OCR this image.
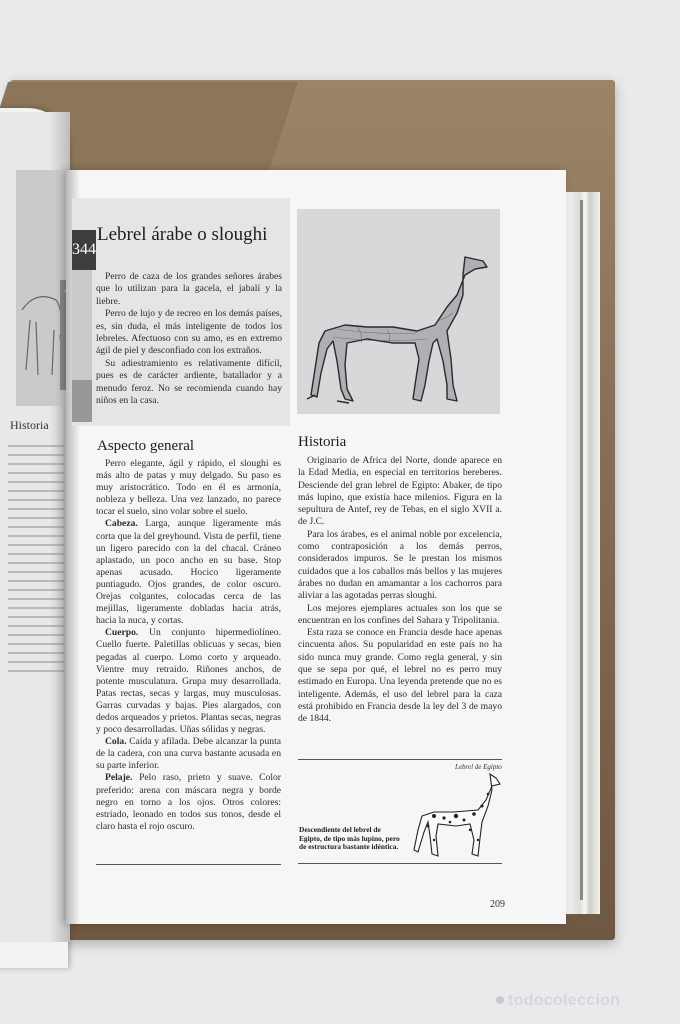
Historia
344
Lebrel árabe o sloughi

Perro de caza de los grandes señores árabes que lo utilizan para la gacela, el jabalí y la liebre.

Perro de lujo y de recreo en los demás países, es, sin duda, el más inteligente de todos los lebreles. Afectuoso con su amo, es en extremo ágil de piel y desconfiado con los extraños.

Su adiestramiento es relativamente difícil, pues es de carácter ardiente, batallador y a menudo feroz. No se recomienda cuando hay niños en la casa.

Aspecto general

Perro elegante, ágil y rápido, el sloughi es más alto de patas y muy delgado. Su paso es muy aristocrático. Todo en él es armonía, nobleza y belleza. Una vez lanzado, no parece tocar el suelo, sino volar sobre el suelo.

Cabeza. Larga, aunque ligeramente más corta que la del greyhound. Vista de perfil, tiene un ligero parecido con la del chacal. Cráneo aplastado, un poco ancho en su base. Stop apenas acusado. Hocico ligeramente puntiagudo. Ojos grandes, de color oscuro. Orejas colgantes, colocadas cerca de las mejillas, ligeramente dobladas hacia atrás, hacia la nuca, y cortas.

Cuerpo. Un conjunto hipermediolíneo. Cuello fuerte. Paletillas oblicuas y secas, bien pegadas al cuerpo. Lomo corto y arqueado. Vientre muy retraído. Riñones anchos, de potente musculatura. Grupa muy desarrollada. Patas rectas, secas y largas, muy musculosas. Garras curvadas y bajas. Pies alargados, con dedos arqueados y prietos. Plantas secas, negras y poco desarrolladas. Uñas sólidas y negras.

Cola. Caída y afilada. Debe alcanzar la punta de la cadera, con una curva bastante acusada en su parte inferior.

Pelaje. Pelo raso, prieto y suave. Color preferido: arena con máscara negra y borde negro en torno a los ojos. Otros colores: estriado, leonado en todos sus tonos, desde el claro hasta el rojo oscuro.

Historia

Originario de Africa del Norte, donde aparece en la Edad Media, en especial en territorios bereberes. Desciende del gran lebrel de Egipto: Abaker, de tipo más lupino, que existía hace milenios. Figura en la sepultura de Antef, rey de Tebas, en el siglo XVII a. de J.C.

Para los árabes, es el animal noble por excelencia, como contraposición a los demás perros, considerados impuros. Se le prestan los mismos cuidados que a los caballos más bellos y las mujeres árabes no dudan en amamantar a los cachorros para aliviar a las agotadas perras sloughi.

Los mejores ejemplares actuales son los que se encuentran en los confines del Sahara y Tripolitania.

Esta raza se conoce en Francia desde hace apenas cincuenta años. Su popularidad en este país no ha sido nunca muy grande. Como regla general, y sin que se sepa por qué, el lebrel no es perro muy estimado en Europa. Una leyenda pretende que no es inteligente. Además, el uso del lebrel para la caza está prohibido en Francia desde la ley del 3 de mayo de 1844.

Lebrel de Egipto
Descendiente del lebrel de Egipto, de tipo más lupino, pero de estructura bastante idéntica.
209
todocoleccion
